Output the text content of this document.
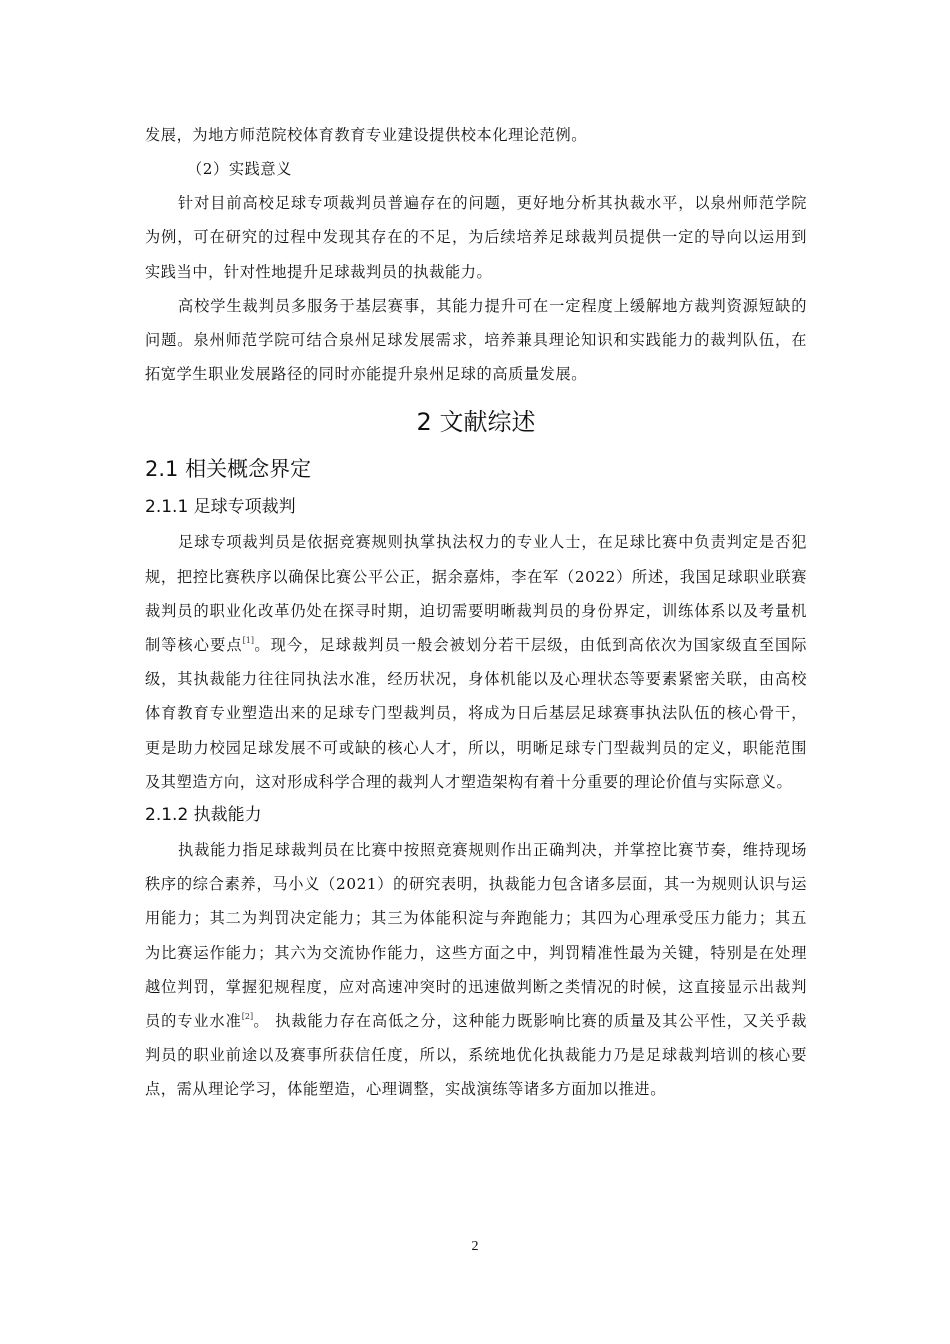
发展，为地方师范院校体育教育专业建设提供校本化理论范例。

（2）实践意义

针对目前高校足球专项裁判员普遍存在的问题，更好地分析其执裁水平，以泉州师范学院为例，可在研究的过程中发现其存在的不足，为后续培养足球裁判员提供一定的导向以运用到实践当中，针对性地提升足球裁判员的执裁能力。

高校学生裁判员多服务于基层赛事，其能力提升可在一定程度上缓解地方裁判资源短缺的问题。泉州师范学院可结合泉州足球发展需求，培养兼具理论知识和实践能力的裁判队伍，在拓宽学生职业发展路径的同时亦能提升泉州足球的高质量发展。

2 文献综述
2.1 相关概念界定
2.1.1 足球专项裁判

足球专项裁判员是依据竞赛规则执掌执法权力的专业人士，在足球比赛中负责判定是否犯规，把控比赛秩序以确保比赛公平公正，据余嘉炜，李在军（2022）所述，我国足球职业联赛裁判员的职业化改革仍处在探寻时期，迫切需要明晰裁判员的身份界定，训练体系以及考量机制等核心要点[1]。现今，足球裁判员一般会被划分若干层级，由低到高依次为国家级直至国际级，其执裁能力往往同执法水准，经历状况，身体机能以及心理状态等要素紧密关联，由高校体育教育专业塑造出来的足球专门型裁判员，将成为日后基层足球赛事执法队伍的核心骨干，更是助力校园足球发展不可或缺的核心人才，所以，明晰足球专门型裁判员的定义，职能范围及其塑造方向，这对形成科学合理的裁判人才塑造架构有着十分重要的理论价值与实际意义。

2.1.2 执裁能力

执裁能力指足球裁判员在比赛中按照竞赛规则作出正确判决，并掌控比赛节奏，维持现场秩序的综合素养，马小义（2021）的研究表明，执裁能力包含诸多层面，其一为规则认识与运用能力；其二为判罚决定能力；其三为体能积淀与奔跑能力；其四为心理承受压力能力；其五为比赛运作能力；其六为交流协作能力，这些方面之中，判罚精准性最为关键，特别是在处理越位判罚，掌握犯规程度，应对高速冲突时的迅速做判断之类情况的时候，这直接显示出裁判员的专业水准[2]。 执裁能力存在高低之分，这种能力既影响比赛的质量及其公平性，又关乎裁判员的职业前途以及赛事所获信任度，所以，系统地优化执裁能力乃是足球裁判培训的核心要点，需从理论学习，体能塑造，心理调整，实战演练等诸多方面加以推进。

2
